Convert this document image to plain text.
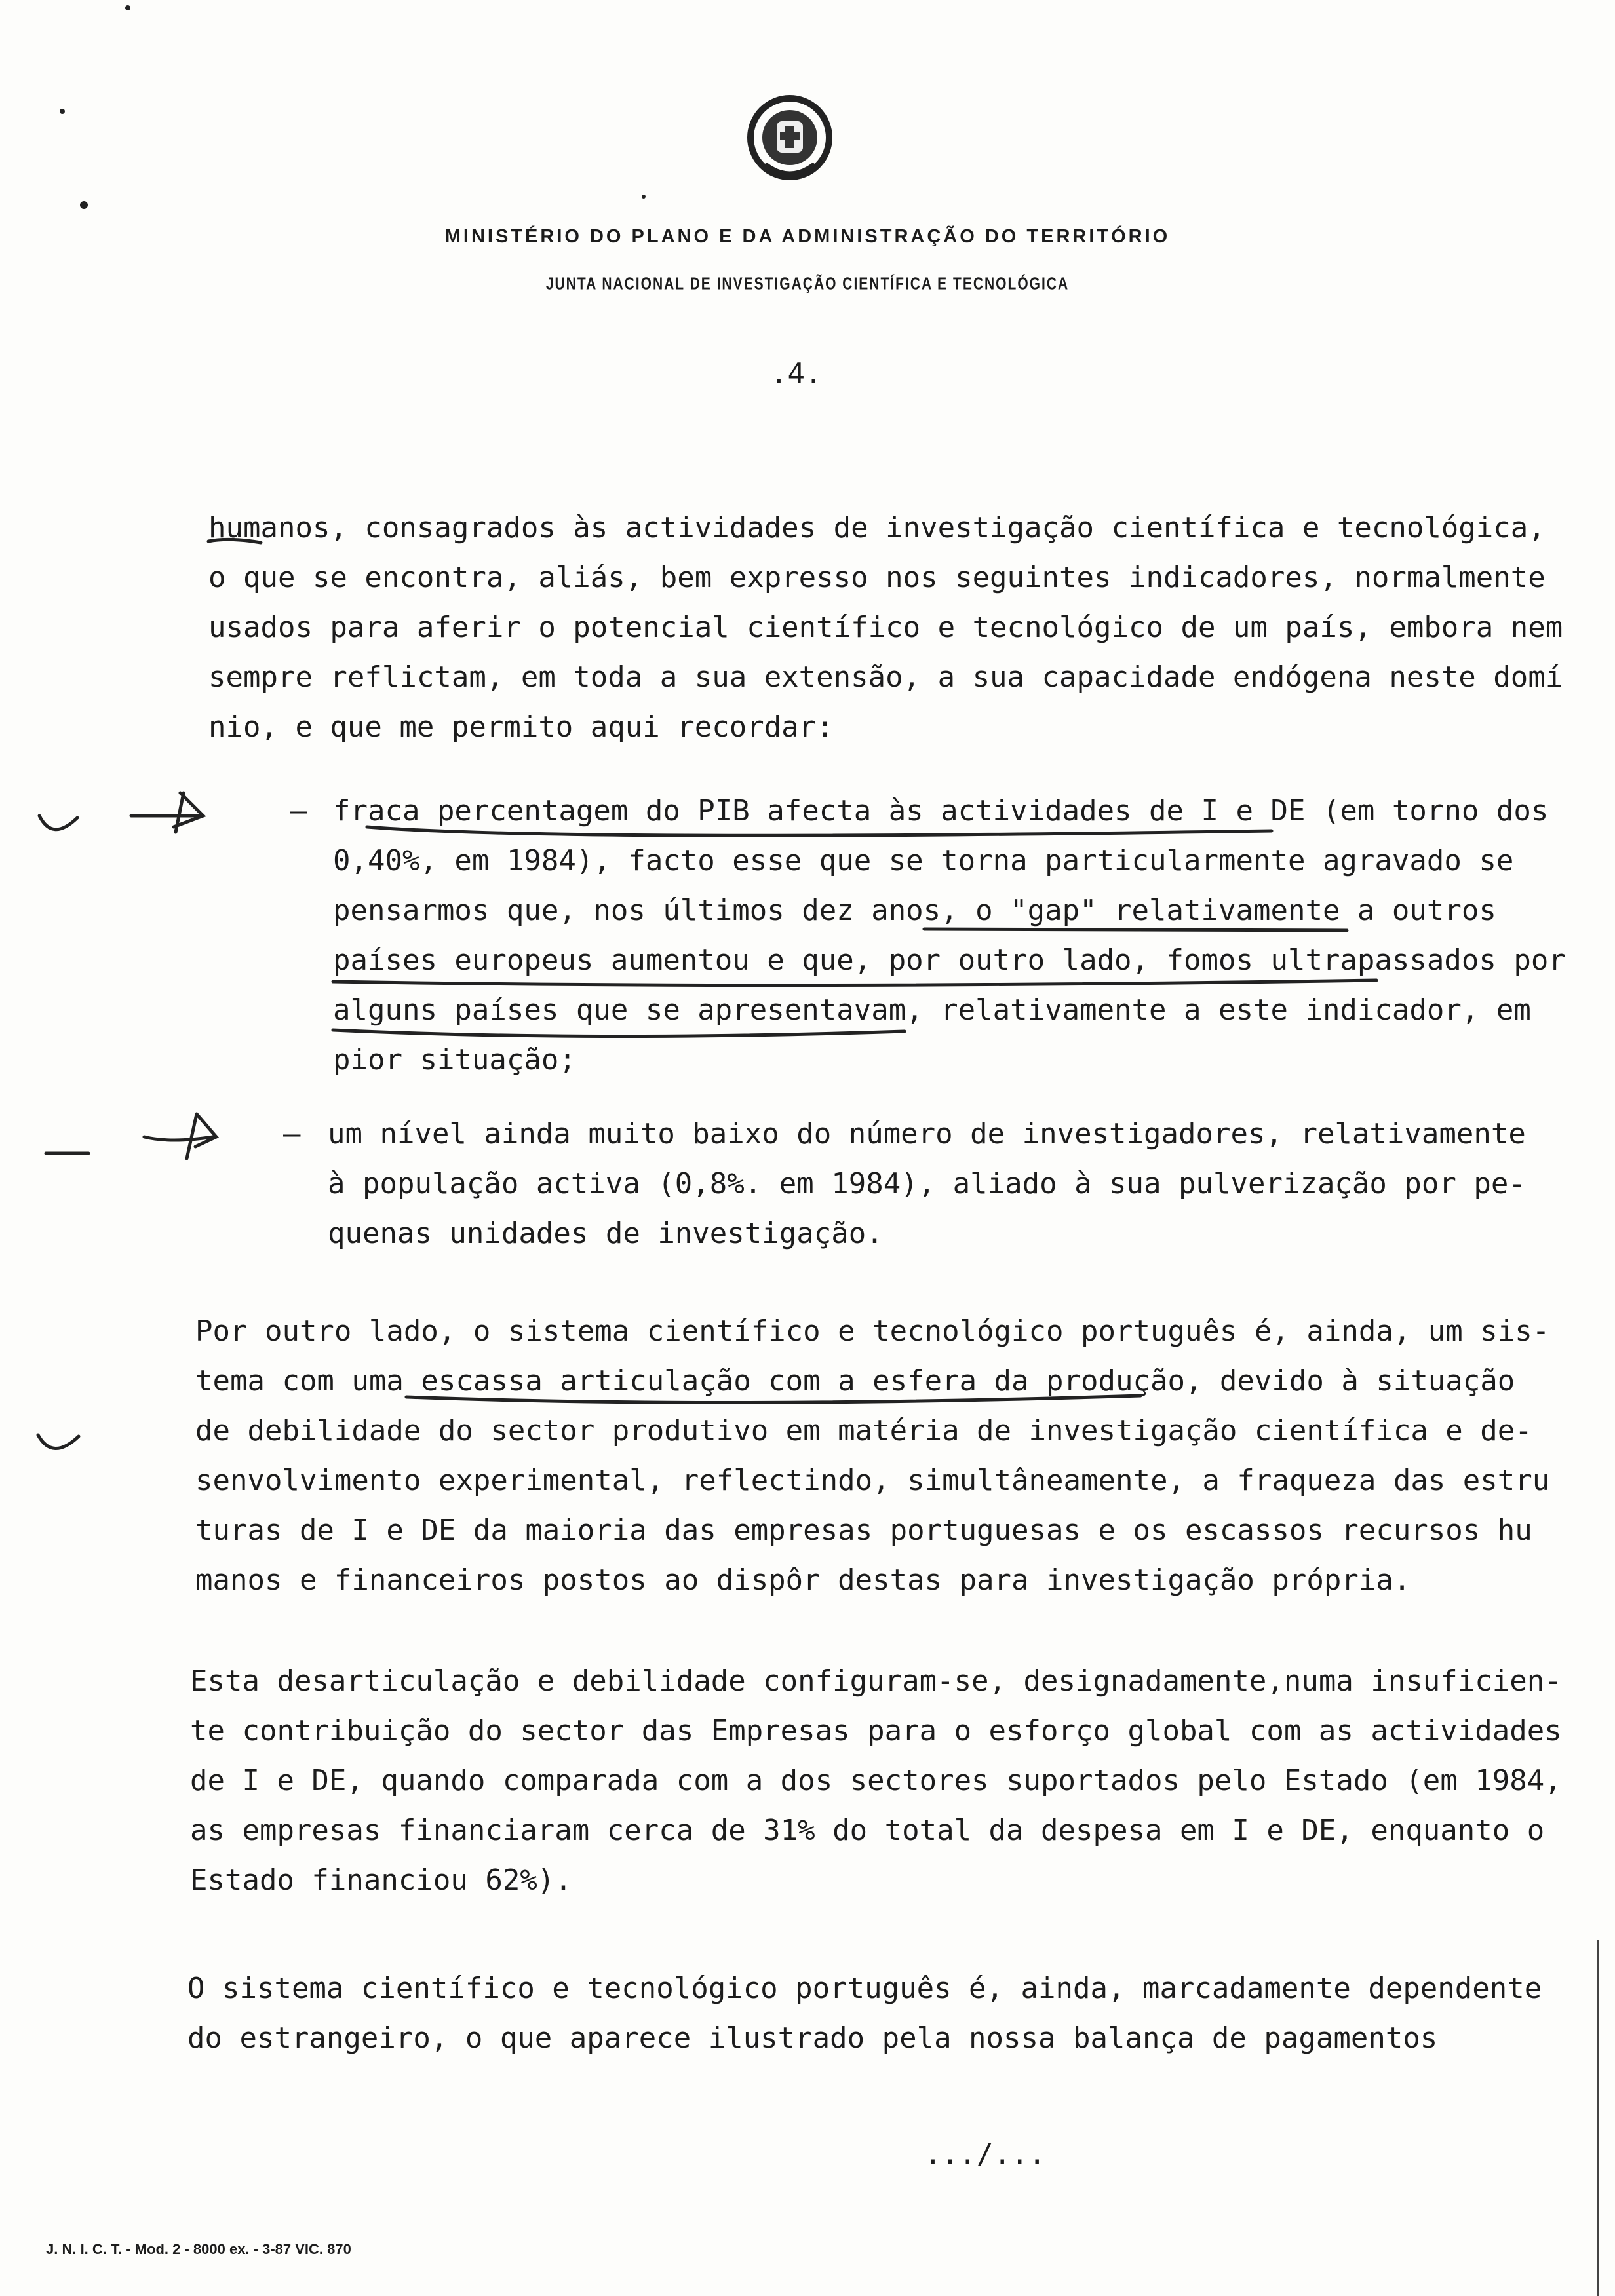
MINISTÉRIO DO PLANO E DA ADMINISTRAÇÃO DO TERRITÓRIO
JUNTA NACIONAL DE INVESTIGAÇÃO CIENTÍFICA E TECNOLÓGICA
.4.
humanos, consagrados às actividades de investigação científica e tecnológica,
o que se encontra, aliás, bem expresso nos seguintes indicadores, normalmente
usados para aferir o potencial científico e tecnológico de um país, embora nem
sempre reflictam, em toda a sua extensão, a sua capacidade endógena neste domí
nio, e que me permito aqui recordar:
— fraca percentagem do PIB afecta às actividades de I e DE (em torno dos
0,40%, em 1984), facto esse que se torna particularmente agravado se
pensarmos que, nos últimos dez anos, o "gap" relativamente a outros
países europeus aumentou e que, por outro lado, fomos ultrapassados por
alguns países que se apresentavam, relativamente a este indicador, em
pior situação;
— um nível ainda muito baixo do número de investigadores, relativamente
à população activa (0,8%. em 1984), aliado à sua pulverização por pe-
quenas unidades de investigação.
Por outro lado, o sistema científico e tecnológico português é, ainda, um sis-
tema com uma escassa articulação com a esfera da produção, devido à situação
de debilidade do sector produtivo em matéria de investigação científica e de-
senvolvimento experimental, reflectindo, simultâneamente, a fraqueza das estru
turas de I e DE da maioria das empresas portuguesas e os escassos recursos hu
manos e financeiros postos ao dispôr destas para investigação própria.
Esta desarticulação e debilidade configuram-se, designadamente,numa insuficien-
te contribuição do sector das Empresas para o esforço global com as actividades
de I e DE, quando comparada com a dos sectores suportados pelo Estado (em 1984,
as empresas financiaram cerca de 31% do total da despesa em I e DE, enquanto o
Estado financiou 62%).
O sistema científico e tecnológico português é, ainda, marcadamente dependente
do estrangeiro, o que aparece ilustrado pela nossa balança de pagamentos
.../...
J. N. I. C. T. - Mod. 2 - 8000 ex. - 3-87 VIC. 870
